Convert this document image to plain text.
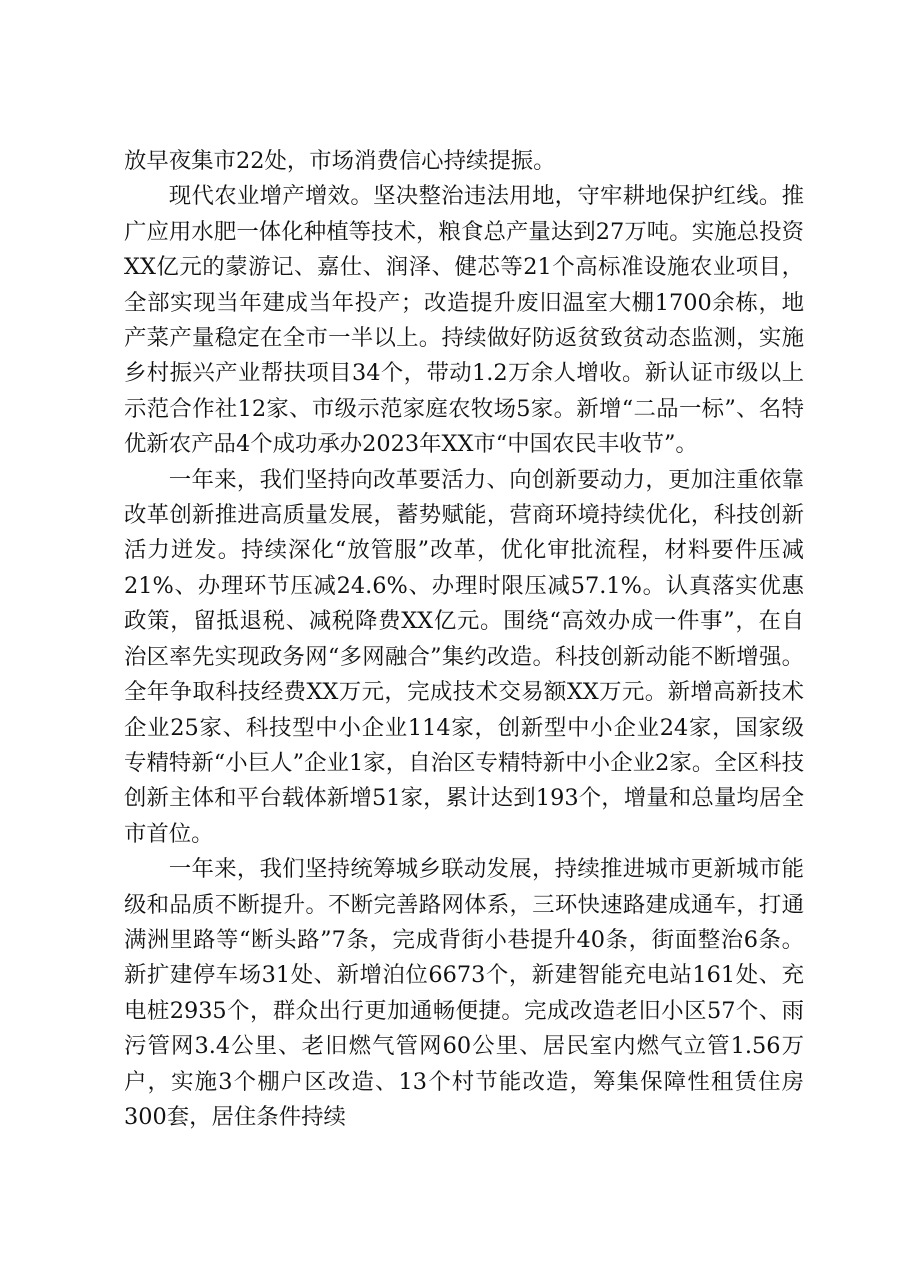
放早夜集市22处，市场消费信心持续提振。

现代农业增产增效。坚决整治违法用地，守牢耕地保护红线。推广应用水肥一体化种植等技术，粮食总产量达到27万吨。实施总投资XX亿元的蒙游记、嘉仕、润泽、健芯等21个高标准设施农业项目，全部实现当年建成当年投产；改造提升废旧温室大棚1700余栋，地产菜产量稳定在全市一半以上。持续做好防返贫致贫动态监测，实施乡村振兴产业帮扶项目34个，带动1.2万余人增收。新认证市级以上示范合作社12家、市级示范家庭农牧场5家。新增“二品一标”、名特优新农产品4个成功承办2023年XX市“中国农民丰收节”。

一年来，我们坚持向改革要活力、向创新要动力，更加注重依靠改革创新推进高质量发展，蓄势赋能，营商环境持续优化，科技创新活力迸发。持续深化“放管服”改革，优化审批流程，材料要件压减21%、办理环节压减24.6%、办理时限压减57.1%。认真落实优惠政策，留抵退税、减税降费XX亿元。围绕“高效办成一件事”，在自治区率先实现政务网“多网融合”集约改造。科技创新动能不断增强。全年争取科技经费XX万元，完成技术交易额XX万元。新增高新技术企业25家、科技型中小企业114家，创新型中小企业24家，国家级专精特新“小巨人”企业1家，自治区专精特新中小企业2家。全区科技创新主体和平台载体新增51家，累计达到193个，增量和总量均居全市首位。

一年来，我们坚持统筹城乡联动发展，持续推进城市更新城市能级和品质不断提升。不断完善路网体系，三环快速路建成通车，打通满洲里路等“断头路”7条，完成背街小巷提升40条，街面整治6条。新扩建停车场31处、新增泊位6673个，新建智能充电站161处、充电桩2935个，群众出行更加通畅便捷。完成改造老旧小区57个、雨污管网3.4公里、老旧燃气管网60公里、居民室内燃气立管1.56万户，实施3个棚户区改造、13个村节能改造，筹集保障性租赁住房300套，居住条件持续
